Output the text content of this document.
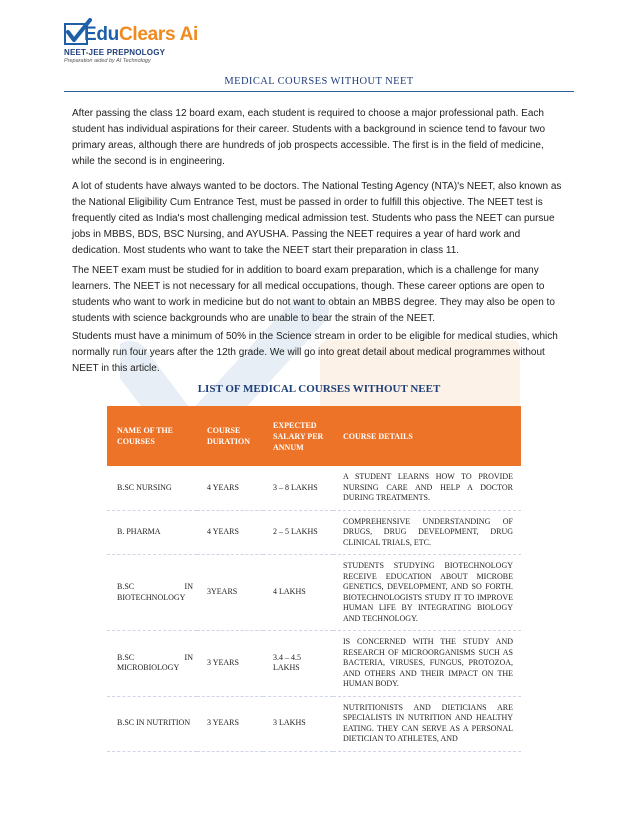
EduClears Ai
NEET-JEE PREPNOLOGY
Preparation aided by AI Technology
MEDICAL COURSES WITHOUT NEET

After passing the class 12 board exam, each student is required to choose a major professional path. Each student has individual aspirations for their career. Students with a background in science tend to favour two primary areas, although there are hundreds of job prospects accessible. The first is in the field of medicine, while the second is in engineering.

A lot of students have always wanted to be doctors. The National Testing Agency (NTA)'s NEET, also known as the National Eligibility Cum Entrance Test, must be passed in order to fulfill this objective. The NEET test is frequently cited as India's most challenging medical admission test. Students who pass the NEET can pursue jobs in MBBS, BDS, BSC Nursing, and AYUSHA. Passing the NEET requires a year of hard work and dedication. Most students who want to take the NEET start their preparation in class 11.

The NEET exam must be studied for in addition to board exam preparation, which is a challenge for many learners. The NEET is not necessary for all medical occupations, though. These career options are open to students who want to work in medicine but do not want to obtain an MBBS degree. They may also be open to students with science backgrounds who are unable to bear the strain of the NEET.

Students must have a minimum of 50% in the Science stream in order to be eligible for medical studies, which normally run four years after the 12th grade. We will go into great detail about medical programmes without NEET in this article.

LIST OF MEDICAL COURSES WITHOUT NEET
NAME OF THE COURSES	COURSE DURATION	EXPECTED SALARY PER ANNUM	COURSE DETAILS
B.SC NURSING	4 YEARS	3 – 8 LAKHS	A STUDENT LEARNS HOW TO PROVIDE NURSING CARE AND HELP A DOCTOR DURING TREATMENTS.
B. PHARMA	4 YEARS	2 – 5 LAKHS	COMPREHENSIVE UNDERSTANDING OF DRUGS, DRUG DEVELOPMENT, DRUG CLINICAL TRIALS, ETC.
B.SC IN BIOTECHNOLOGY	3YEARS	4 LAKHS	STUDENTS STUDYING BIOTECHNOLOGY RECEIVE EDUCATION ABOUT MICROBE GENETICS, DEVELOPMENT, AND SO FORTH. BIOTECHNOLOGISTS STUDY IT TO IMPROVE HUMAN LIFE BY INTEGRATING BIOLOGY AND TECHNOLOGY.
B.SC IN MICROBIOLOGY	3 YEARS	3.4 – 4.5 LAKHS	IS CONCERNED WITH THE STUDY AND RESEARCH OF MICROORGANISMS SUCH AS BACTERIA, VIRUSES, FUNGUS, PROTOZOA, AND OTHERS AND THEIR IMPACT ON THE HUMAN BODY.
B.SC IN NUTRITION	3 YEARS	3 LAKHS	NUTRITIONISTS AND DIETICIANS ARE SPECIALISTS IN NUTRITION AND HEALTHY EATING. THEY CAN SERVE AS A PERSONAL DIETICIAN TO ATHLETES, AND
